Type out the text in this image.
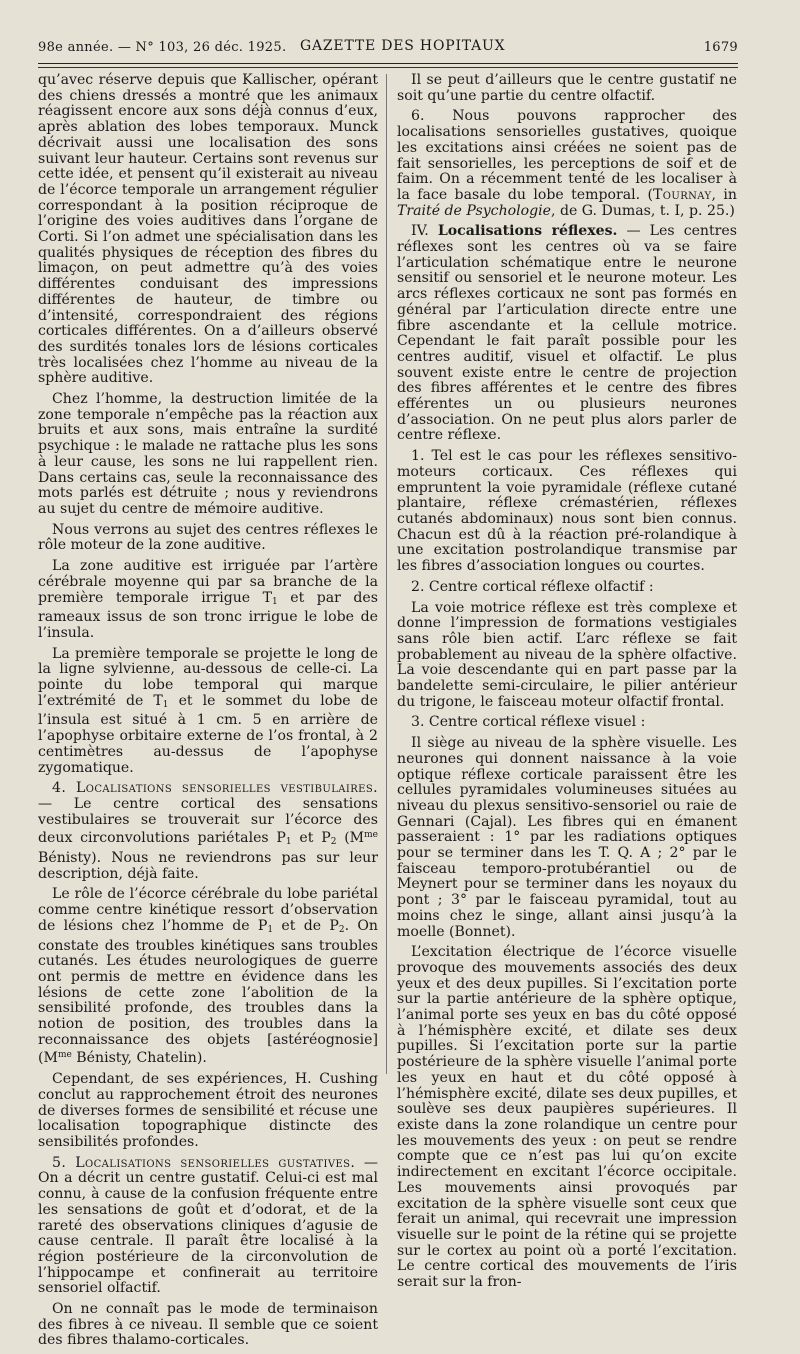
98e année. — N° 103, 26 déc. 1925. GAZETTE DES HOPITAUX	1679

qu’avec réserve depuis que Kallischer, opérant des chiens dressés a montré que les animaux réagissent encore aux sons déjà connus d’eux, après ablation des lobes temporaux. Munck décrivait aussi une localisation des sons suivant leur hauteur. Certains sont revenus sur cette idée, et pensent qu’il existerait au niveau de l’écorce temporale un arrangement régulier correspondant à la position réciproque de l’origine des voies auditives dans l’organe de Corti. Si l’on admet une spécialisation dans les qualités physiques de réception des fibres du limaçon, on peut admettre qu’à des voies différentes conduisant des impressions différentes de hauteur, de timbre ou d’intensité, correspondraient des régions corticales différentes. On a d’ailleurs observé des surdités tonales lors de lésions corticales très localisées chez l’homme au niveau de la sphère auditive.

Chez l’homme, la destruction limitée de la zone temporale n’empêche pas la réaction aux bruits et aux sons, mais entraîne la surdité psychique : le malade ne rattache plus les sons à leur cause, les sons ne lui rappellent rien. Dans certains cas, seule la reconnaissance des mots parlés est détruite ; nous y reviendrons au sujet du centre de mémoire auditive.

Nous verrons au sujet des centres réflexes le rôle moteur de la zone auditive.

La zone auditive est irriguée par l’artère cérébrale moyenne qui par sa branche de la première temporale irrigue $T_1$ et par des rameaux issus de son tronc irrigue le lobe de l’insula.

La première temporale se projette le long de la ligne sylvienne, au-dessous de celle-ci. La pointe du lobe temporal qui marque l’extrémité de $T_1$ et le sommet du lobe de l’insula est situé à 1 cm. 5 en arrière de l’apophyse orbitaire externe de l’os frontal, à 2 centimètres au-dessus de l’apophyse zygomatique.

4. Localisations sensorielles vestibulaires. — Le centre cortical des sensations vestibulaires se trouverait sur l’écorce des deux circonvolutions pariétales $P_1$ et $P_2$ ($M^{me}$ Bénisty). Nous ne reviendrons pas sur leur description, déjà faite.

Le rôle de l’écorce cérébrale du lobe pariétal comme centre kinétique ressort d’observation de lésions chez l’homme de $P_1$ et de $P_2$. On constate des troubles kinétiques sans troubles cutanés. Les études neurologiques de guerre ont permis de mettre en évidence dans les lésions de cette zone l’abolition de la sensibilité profonde, des troubles dans la notion de position, des troubles dans la reconnaissance des objets [astéréognosie] ($M^{me}$ Bénisty, Chatelin).

Cependant, de ses expériences, H. Cushing conclut au rapprochement étroit des neurones de diverses formes de sensibilité et récuse une localisation topographique distincte des sensibilités profondes.

5. Localisations sensorielles gustatives. — On a décrit un centre gustatif. Celui-ci est mal connu, à cause de la confusion fréquente entre les sensations de goût et d’odorat, et de la rareté des observations cliniques d’agusie de cause centrale. Il paraît être localisé à la région postérieure de la circonvolution de l’hippocampe et confinerait au territoire sensoriel olfactif.

On ne connaît pas le mode de terminaison des fibres à ce niveau. Il semble que ce soient des fibres thalamo-corticales.

Il se peut d’ailleurs que le centre gustatif ne soit qu’une partie du centre olfactif.

6. Nous pouvons rapprocher des localisations sensorielles gustatives, quoique les excitations ainsi créées ne soient pas de fait sensorielles, les perceptions de soif et de faim. On a récemment tenté de les localiser à la face basale du lobe temporal. (Tournay, in Traité de Psychologie, de G. Dumas, t. I, p. 25.)

IV. Localisations réflexes. — Les centres réflexes sont les centres où va se faire l’articulation schématique entre le neurone sensitif ou sensoriel et le neurone moteur. Les arcs réflexes corticaux ne sont pas formés en général par l’articulation directe entre une fibre ascendante et la cellule motrice. Cependant le fait paraît possible pour les centres auditif, visuel et olfactif. Le plus souvent existe entre le centre de projection des fibres afférentes et le centre des fibres efférentes un ou plusieurs neurones d’association. On ne peut plus alors parler de centre réflexe.

1. Tel est le cas pour les réflexes sensitivo-moteurs corticaux. Ces réflexes qui empruntent la voie pyramidale (réflexe cutané plantaire, réflexe crémastérien, réflexes cutanés abdominaux) nous sont bien connus. Chacun est dû à la réaction pré-rolandique à une excitation postrolandique transmise par les fibres d’association longues ou courtes.

2. Centre cortical réflexe olfactif :

La voie motrice réflexe est très complexe et donne l’impression de formations vestigiales sans rôle bien actif. L’arc réflexe se fait probablement au niveau de la sphère olfactive. La voie descendante qui en part passe par la bandelette semi-circulaire, le pilier antérieur du trigone, le faisceau moteur olfactif frontal.

3. Centre cortical réflexe visuel :

Il siège au niveau de la sphère visuelle. Les neurones qui donnent naissance à la voie optique réflexe corticale paraissent être les cellules pyramidales volumineuses situées au niveau du plexus sensitivo-sensoriel ou raie de Gennari (Cajal). Les fibres qui en émanent passeraient : 1° par les radiations optiques pour se terminer dans les T. Q. A ; 2° par le faisceau temporo-protubérantiel ou de Meynert pour se terminer dans les noyaux du pont ; 3° par le faisceau pyramidal, tout au moins chez le singe, allant ainsi jusqu’à la moelle (Bonnet).

L’excitation électrique de l’écorce visuelle provoque des mouvements associés des deux yeux et des deux pupilles. Si l’excitation porte sur la partie antérieure de la sphère optique, l’animal porte ses yeux en bas du côté opposé à l’hémisphère excité, et dilate ses deux pupilles. Si l’excitation porte sur la partie postérieure de la sphère visuelle l’animal porte les yeux en haut et du côté opposé à l’hémisphère excité, dilate ses deux pupilles, et soulève ses deux paupières supérieures. Il existe dans la zone rolandique un centre pour les mouvements des yeux : on peut se rendre compte que ce n’est pas lui qu’on excite indirectement en excitant l’écorce occipitale. Les mouvements ainsi provoqués par excitation de la sphère visuelle sont ceux que ferait un animal, qui recevrait une impression visuelle sur le point de la rétine qui se projette sur le cortex au point où a porté l’excitation. Le centre cortical des mouvements de l’iris serait sur la fron-
